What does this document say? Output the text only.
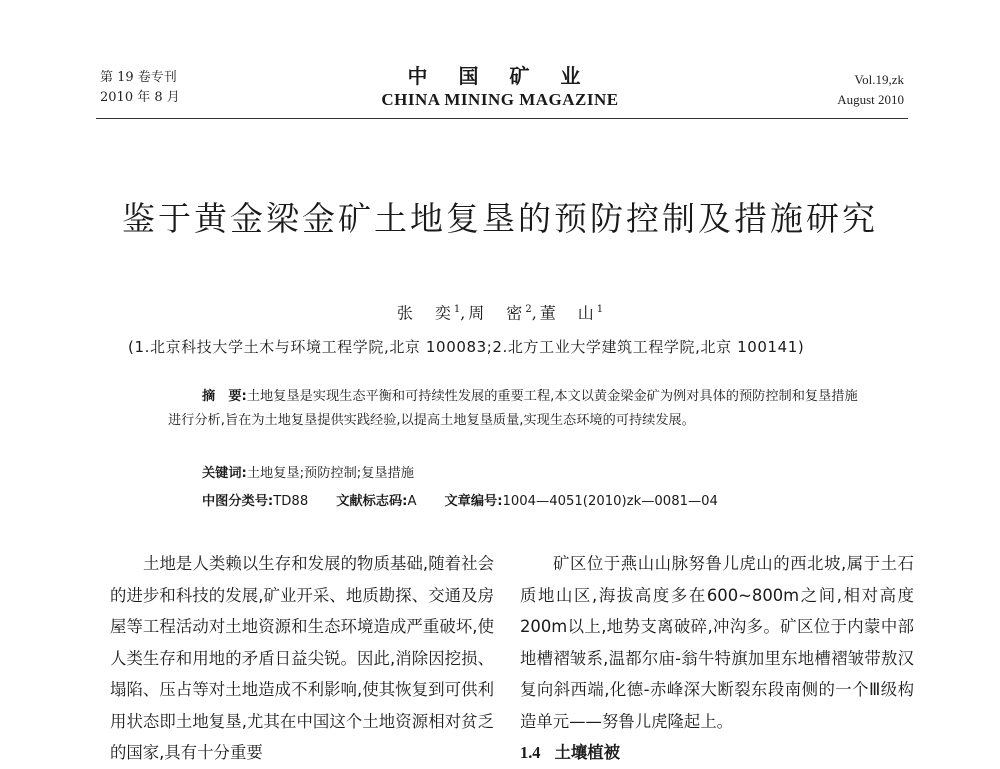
第 19 卷专刊
2010 年 8 月
中 国 矿 业
CHINA MINING MAGAZINE
Vol.19,zk
August 2010
鉴于黄金梁金矿土地复垦的预防控制及措施研究
张　奕$^1$,周　密$^2$,董　山$^1$
(1.北京科技大学土木与环境工程学院,北京 100083;2.北方工业大学建筑工程学院,北京 100141)
摘　要:土地复垦是实现生态平衡和可持续性发展的重要工程,本文以黄金梁金矿为例对具体的预防控制和复垦措施进行分析,旨在为土地复垦提供实践经验,以提高土地复垦质量,实现生态环境的可持续发展。
关键词:土地复垦;预防控制;复垦措施
中图分类号:TD88 文献标志码:A 文章编号:1004—4051(2010)zk—0081—04
土地是人类赖以生存和发展的物质基础,随着社会的进步和科技的发展,矿业开采、地质勘探、交通及房屋等工程活动对土地资源和生态环境造成严重破坏,使人类生存和用地的矛盾日益尖锐。因此,消除因挖损、塌陷、压占等对土地造成不利影响,使其恢复到可供利用状态即土地复垦,尤其在中国这个土地资源相对贫乏的国家,具有十分重要
矿区位于燕山山脉努鲁儿虎山的西北坡,属于土石质地山区,海拔高度多在600~800m之间,相对高度200m以上,地势支离破碎,冲沟多。矿区位于内蒙中部地槽褶皱系,温都尔庙-翁牛特旗加里东地槽褶皱带敖汉复向斜西端,化德-赤峰深大断裂东段南侧的一个Ⅲ级构造单元——努鲁儿虎隆起上。
1.4 土壤植被
